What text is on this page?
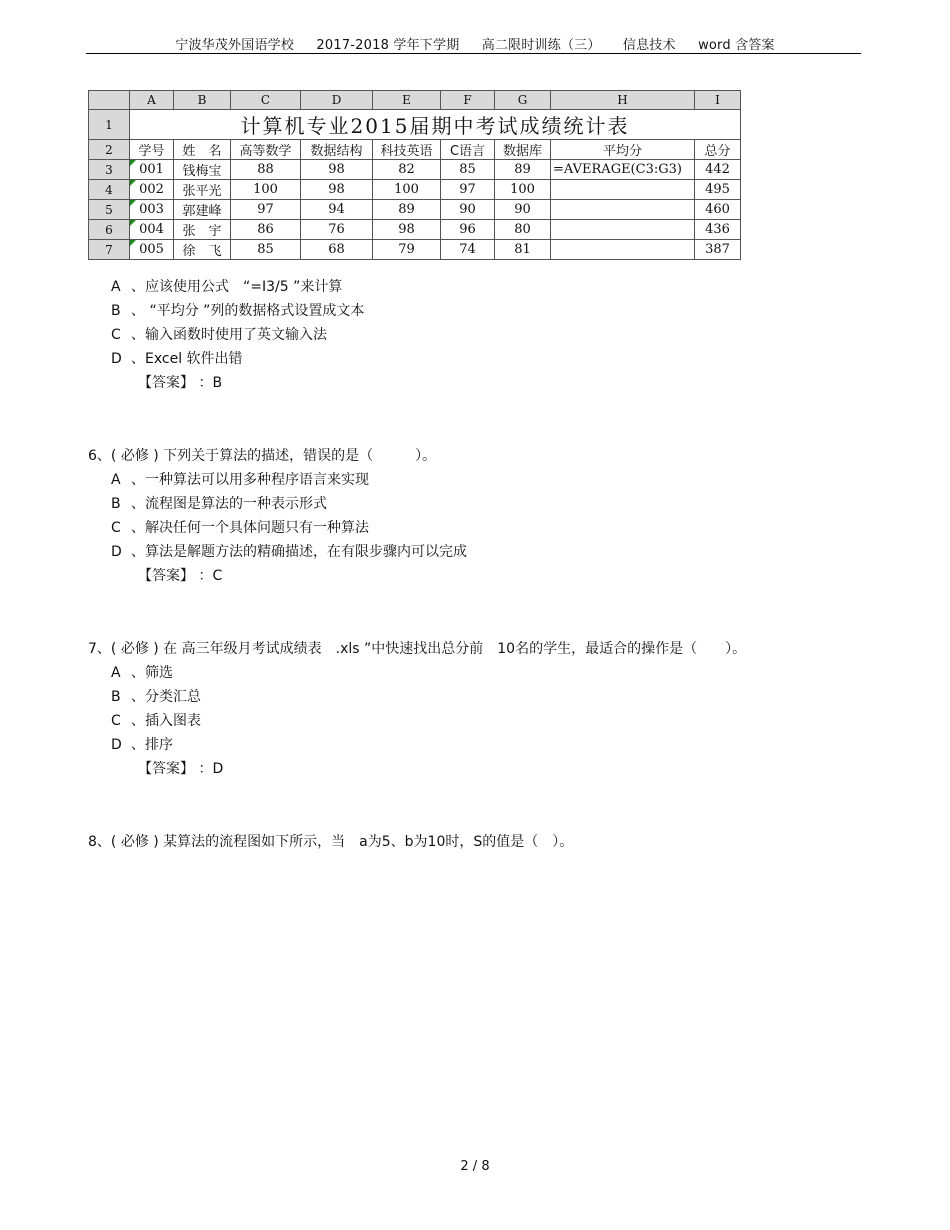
宁波华茂外国语学校 2017-2018 学年下学期 高二限时训练（三） 信息技术 word 含答案
	A	B	C	D	E	F	G	H	I
1	计算机专业2015届期中考试成绩统计表								
2	学号	姓　名	高等数学	数据结构	科技英语	C语言	数据库	平均分	总分
3	001	钱梅宝	88	98	82	85	89	=AVERAGE(C3:G3)	442
4	002	张平光	100	98	100	97	100		495
5	003	郭建峰	97	94	89	90	90		460
6	004	张　宇	86	76	98	96	80		436
7	005	徐　飞	85	68	79	74	81		387
A 、应该使用公式　“=I3/5 ”来计算
B 、 “平均分 ”列的数据格式设置成文本
C 、输入函数时使用了英文输入法
D 、Excel 软件出错
【答案】 ：B
6、( 必修 ) 下列关于算法的描述，错误的是（　　　）。
A 、一种算法可以用多种程序语言来实现
B 、流程图是算法的一种表示形式
C 、解决任何一个具体问题只有一种算法
D 、算法是解题方法的精确描述，在有限步骤内可以完成
【答案】 ：C
7、( 必修 ) 在 高三年级月考试成绩表　.xls ”中快速找出总分前　10名的学生，最适合的操作是（　　）。
A 、筛选
B 、分类汇总
C 、插入图表
D 、排序
【答案】 ：D
8、( 必修 ) 某算法的流程图如下所示，当　a为5、b为10时，S的值是（　）。
2 / 8
